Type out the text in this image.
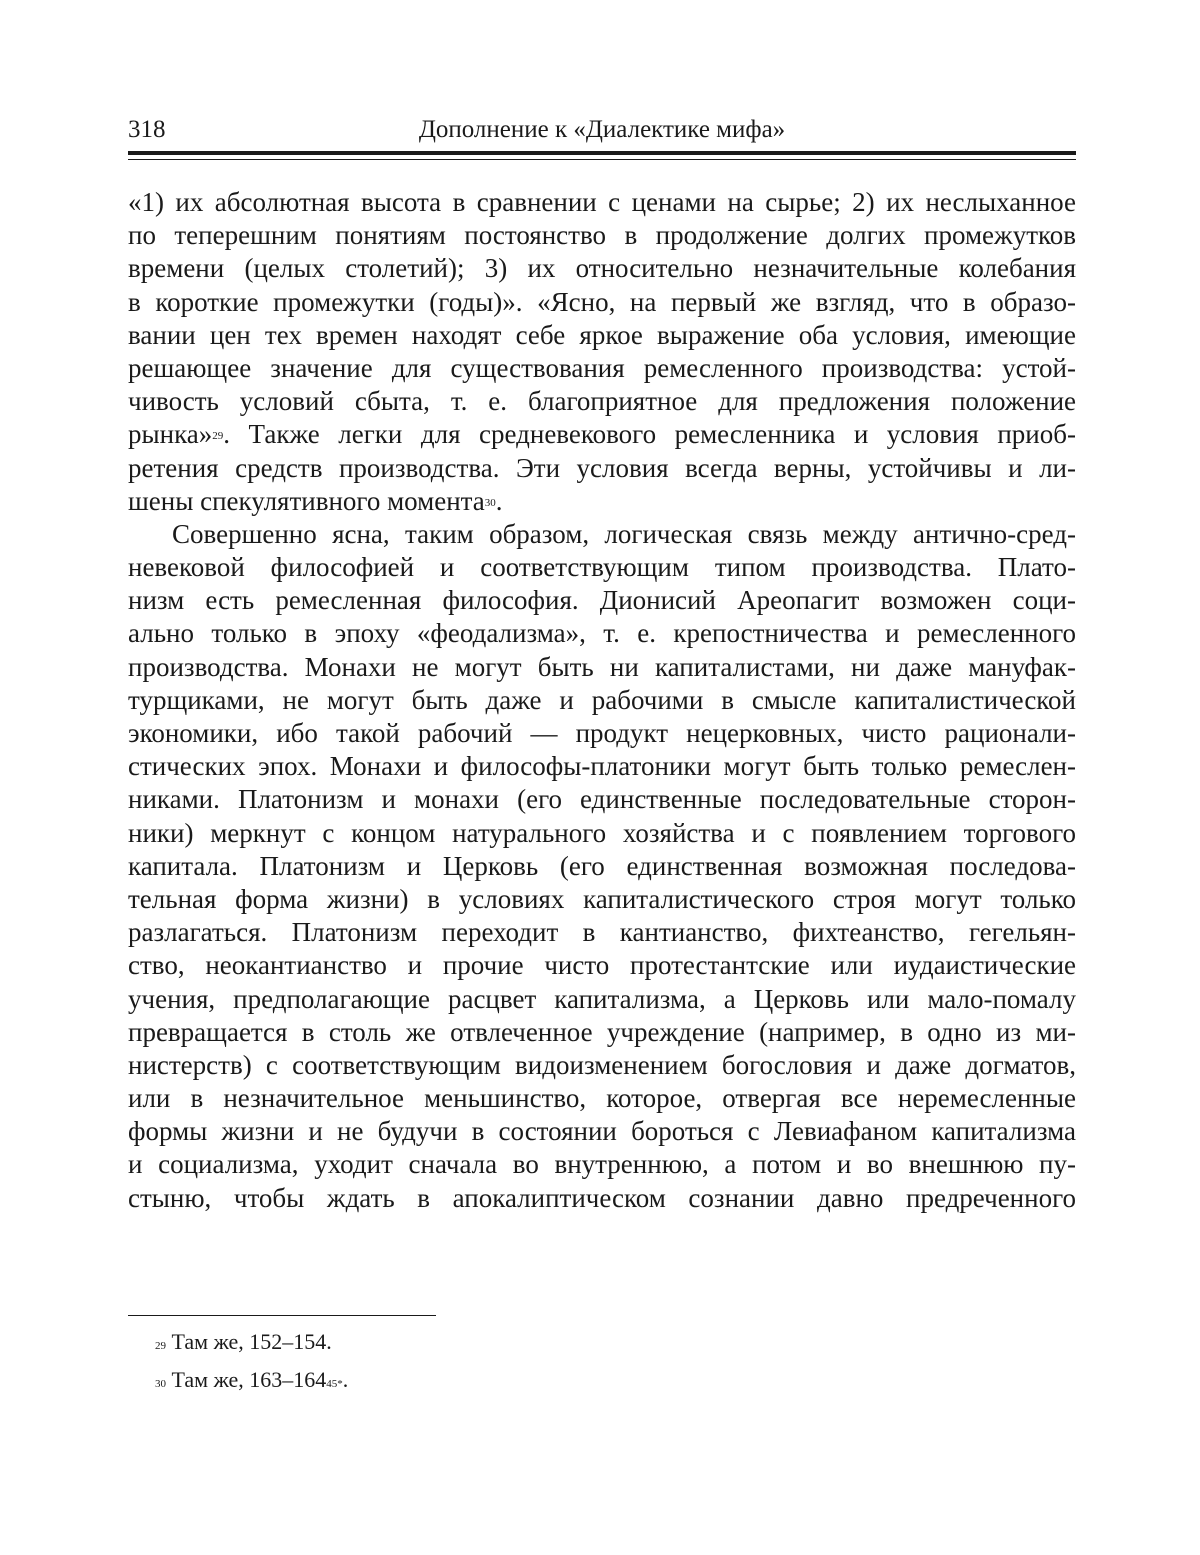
318	Дополнение к «Диалектике мифа»
«1) их абсолютная высота в сравнении с ценами на сырье; 2) их неслыханное
по теперешним понятиям постоянство в продолжение долгих промежутков
времени (целых столетий); 3) их относительно незначительные колебания
в короткие промежутки (годы)». «Ясно, на первый же взгляд, что в образо-
вании цен тех времен находят себе яркое выражение оба условия, имеющие
решающее значение для существования ремесленного производства: устой-
чивость условий сбыта, т. е. благоприятное для предложения положение
рынка»$^{29}$. Также легки для средневекового ремесленника и условия приоб-
ретения средств производства. Эти условия всегда верны, устойчивы и ли-
шены спекулятивного момента$^{30}$.
Совершенно ясна, таким образом, логическая связь между антично-сред-
невековой философией и соответствующим типом производства. Плато-
низм есть ремесленная философия. Дионисий Ареопагит возможен соци-
ально только в эпоху «феодализма», т. е. крепостничества и ремесленного
производства. Монахи не могут быть ни капиталистами, ни даже мануфак-
турщиками, не могут быть даже и рабочими в смысле капиталистической
экономики, ибо такой рабочий — продукт нецерковных, чисто рационали-
стических эпох. Монахи и философы-платоники могут быть только ремеслен-
никами. Платонизм и монахи (его единственные последовательные сторон-
ники) меркнут с концом натурального хозяйства и с появлением торгового
капитала. Платонизм и Церковь (его единственная возможная последова-
тельная форма жизни) в условиях капиталистического строя могут только
разлагаться. Платонизм переходит в кантианство, фихтеанство, гегельян-
ство, неокантианство и прочие чисто протестантские или иудаистические
учения, предполагающие расцвет капитализма, а Церковь или мало-помалу
превращается в столь же отвлеченное учреждение (например, в одно из ми-
нистерств) с соответствующим видоизменением богословия и даже догматов,
или в незначительное меньшинство, которое, отвергая все неремесленные
формы жизни и не будучи в состоянии бороться с Левиафаном капитализма
и социализма, уходит сначала во внутреннюю, а потом и во внешнюю пу-
стыню, чтобы ждать в апокалиптическом сознании давно предреченного
$^{29}$ Там же, 152–154.
$^{30}$ Там же, $163-164^{45*}$.
